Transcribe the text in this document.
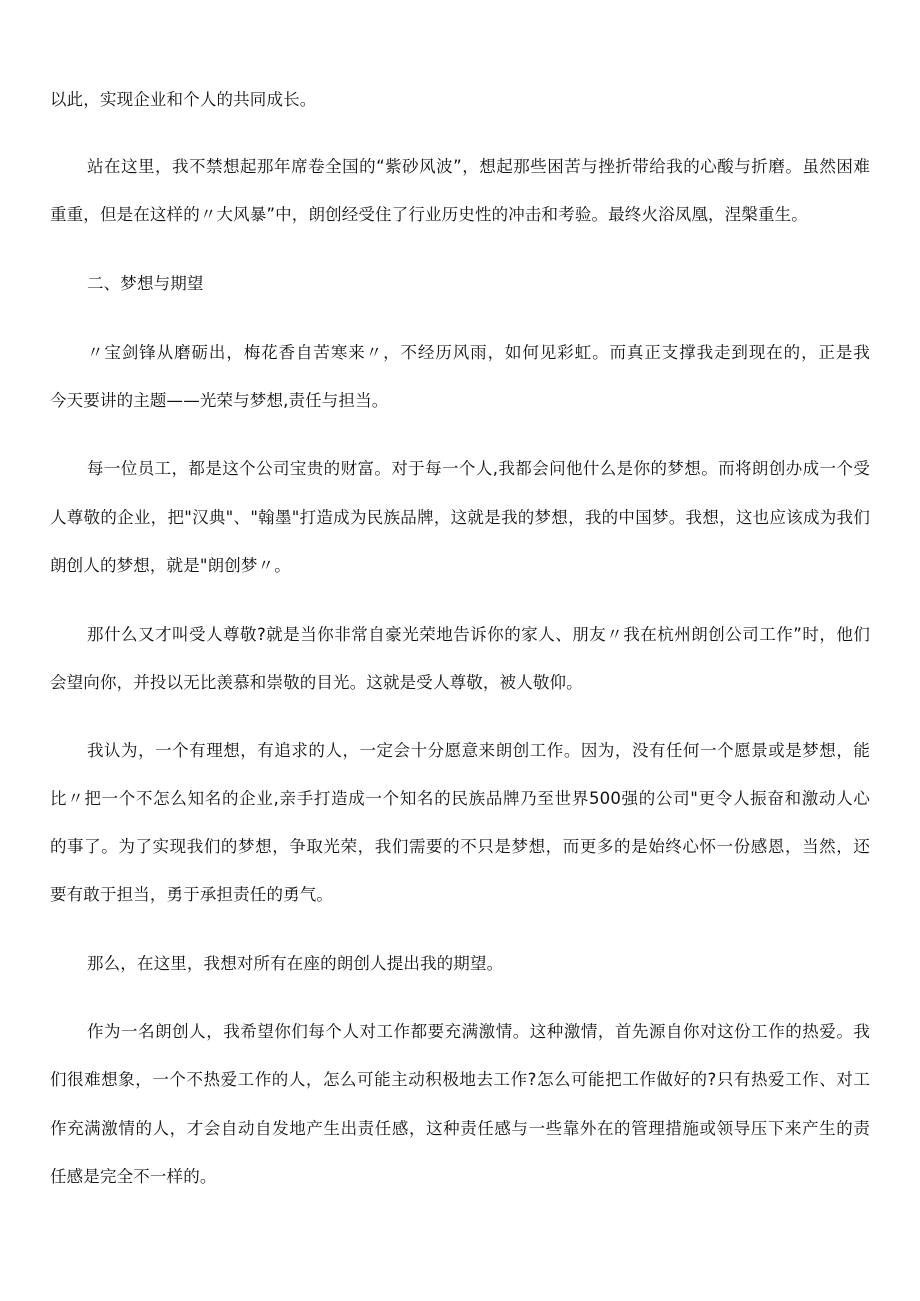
以此，实现企业和个人的共同成长。
站在这里，我不禁想起那年席卷全国的“紫砂风波”，想起那些困苦与挫折带给我的心酸与折磨。虽然困难
重重，但是在这样的〃大风暴”中，朗创经受住了行业历史性的冲击和考验。最终火浴凤凰，涅槃重生。
二、梦想与期望
〃宝剑锋从磨砺出，梅花香自苦寒来〃，不经历风雨，如何见彩虹。而真正支撑我走到现在的，正是我
今天要讲的主题——光荣与梦想,责任与担当。
每一位员工，都是这个公司宝贵的财富。对于每一个人,我都会问他什么是你的梦想。而将朗创办成一个受
人尊敬的企业，把"汉典"、"翰墨"打造成为民族品牌，这就是我的梦想，我的中国梦。我想，这也应该成为我们
朗创人的梦想，就是"朗创梦〃。
那什么又才叫受人尊敬?就是当你非常自豪光荣地告诉你的家人、朋友〃我在杭州朗创公司工作”时，他们
会望向你，并投以无比羡慕和崇敬的目光。这就是受人尊敬，被人敬仰。
我认为，一个有理想，有追求的人，一定会十分愿意来朗创工作。因为，没有任何一个愿景或是梦想，能
比〃把一个不怎么知名的企业,亲手打造成一个知名的民族品牌乃至世界500强的公司"更令人振奋和激动人心
的事了。为了实现我们的梦想，争取光荣，我们需要的不只是梦想，而更多的是始终心怀一份感恩，当然，还
要有敢于担当，勇于承担责任的勇气。
那么，在这里，我想对所有在座的朗创人提出我的期望。
作为一名朗创人，我希望你们每个人对工作都要充满激情。这种激情，首先源自你对这份工作的热爱。我
们很难想象，一个不热爱工作的人，怎么可能主动积极地去工作?怎么可能把工作做好的?只有热爱工作、对工
作充满激情的人，才会自动自发地产生出责任感，这种责任感与一些靠外在的管理措施或领导压下来产生的责
任感是完全不一样的。
